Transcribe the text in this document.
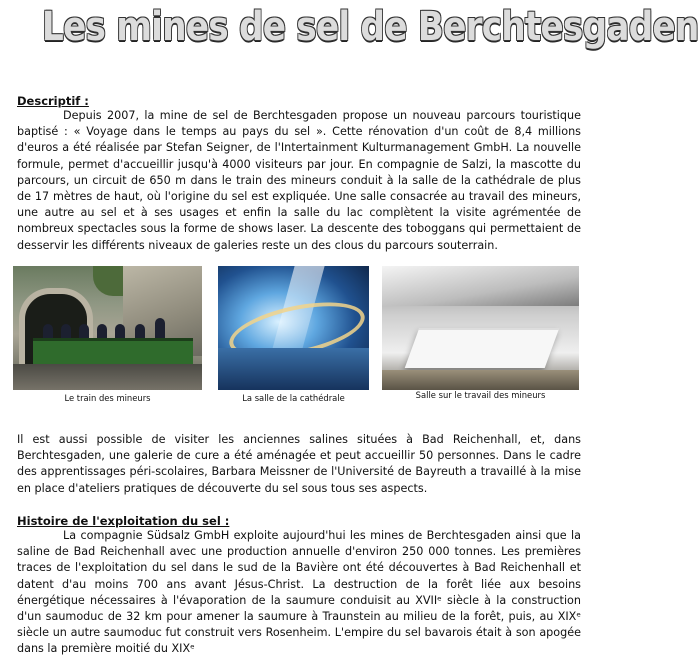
Les mines de sel de Berchtesgaden
Descriptif :
Depuis 2007, la mine de sel de Berchtesgaden propose un nouveau parcours touristique baptisé : « Voyage dans le temps au pays du sel ». Cette rénovation d'un coût de 8,4 millions d'euros a été réalisée par Stefan Seigner, de l'Intertainment Kulturmanagement GmbH. La nouvelle formule, permet d'accueillir jusqu'à 4000 visiteurs par jour. En compagnie de Salzi, la mascotte du parcours, un circuit de 650 m dans le train des mineurs conduit à la salle de la cathédrale de plus de 17 mètres de haut, où l'origine du sel est expliquée. Une salle consacrée au travail des mineurs, une autre au sel et à ses usages et enfin la salle du lac complètent la visite agrémentée de nombreux spectacles sous la forme de shows laser. La descente des toboggans qui permettaient de desservir les différents niveaux de galeries reste un des clous du parcours souterrain.
Le train des mineurs	La salle de la cathédrale	Salle sur le travail des mineurs
Il est aussi possible de visiter les anciennes salines situées à Bad Reichenhall, et, dans Berchtesgaden, une galerie de cure a été aménagée et peut accueillir 50 personnes. Dans le cadre des apprentissages péri-scolaires, Barbara Meissner de l'Université de Bayreuth a travaillé à la mise en place d'ateliers pratiques de découverte du sel sous tous ses aspects.
Histoire de l'exploitation du sel :
La compagnie Südsalz GmbH exploite aujourd'hui les mines de Berchtesgaden ainsi que la saline de Bad Reichenhall avec une production annuelle d'environ 250 000 tonnes. Les premières traces de l'exploitation du sel dans le sud de la Bavière ont été découvertes à Bad Reichenhall et datent d'au moins 700 ans avant Jésus-Christ. La destruction de la forêt liée aux besoins énergétique nécessaires à l'évaporation de la saumure conduisit au XVIIᵉ siècle à la construction d'un saumoduc de 32 km pour amener la saumure à Traunstein au milieu de la forêt, puis, au XIXᵉ siècle un autre saumoduc fut construit vers Rosenheim. L'empire du sel bavarois était à son apogée dans la première moitié du XIXᵉ
